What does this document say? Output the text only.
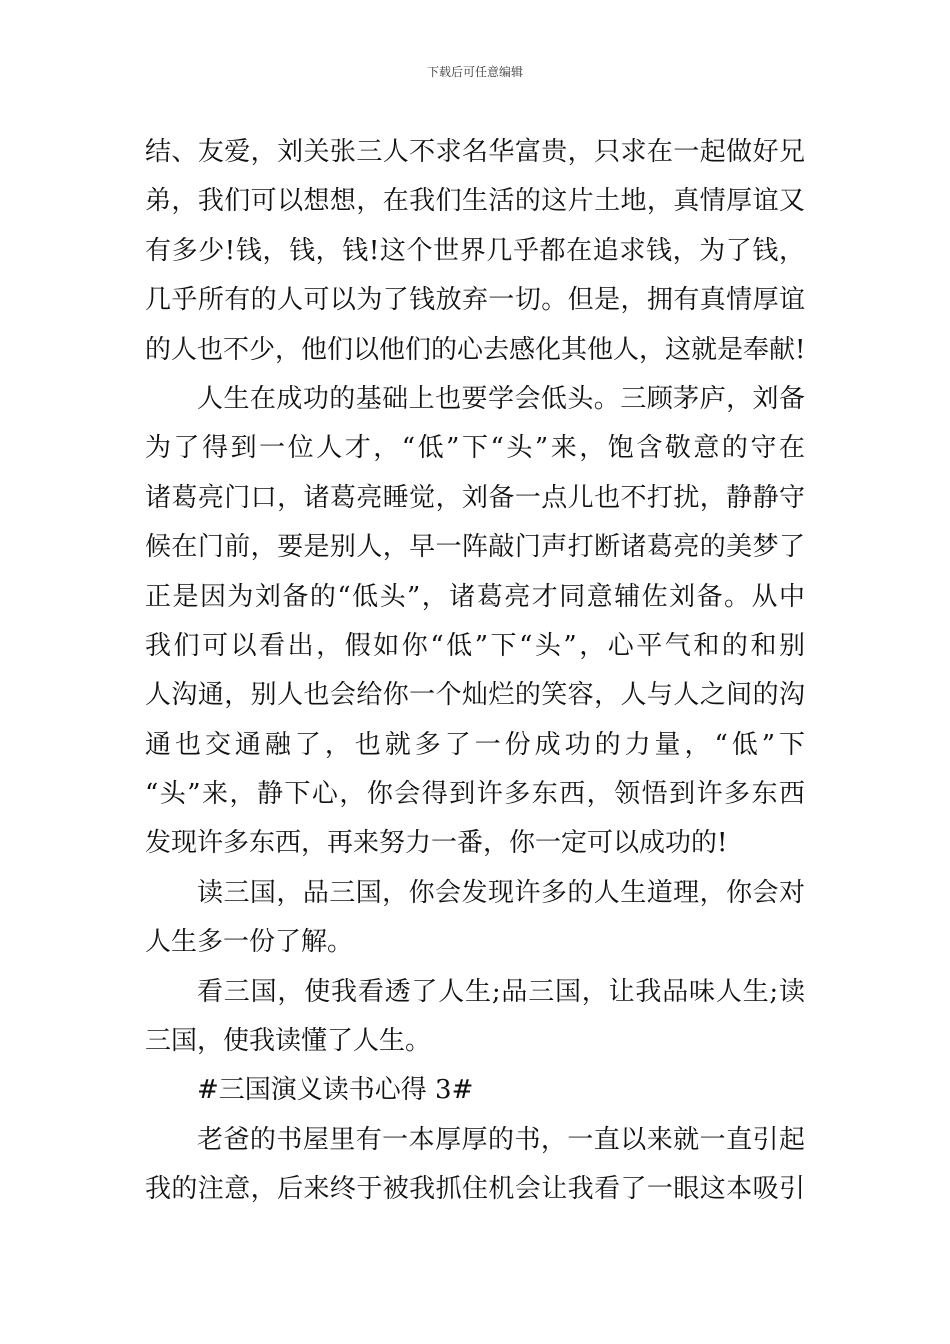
下载后可任意编辑
结、友爱，刘关张三人不求名华富贵，只求在一起做好兄
弟，我们可以想想，在我们生活的这片土地，真情厚谊又
有多少!钱，钱，钱!这个世界几乎都在追求钱，为了钱，
几乎所有的人可以为了钱放弃一切。但是，拥有真情厚谊
的人也不少，他们以他们的心去感化其他人，这就是奉献!
人生在成功的基础上也要学会低头。三顾茅庐，刘备
为了得到一位人才，“低”下“头”来，饱含敬意的守在
诸葛亮门口，诸葛亮睡觉，刘备一点儿也不打扰，静静守
候在门前，要是别人，早一阵敲门声打断诸葛亮的美梦了
正是因为刘备的“低头”，诸葛亮才同意辅佐刘备。从中
我们可以看出，假如你“低”下“头”，心平气和的和别
人沟通，别人也会给你一个灿烂的笑容，人与人之间的沟
通也交通融了，也就多了一份成功的力量，“低”下
“头”来，静下心，你会得到许多东西，领悟到许多东西
发现许多东西，再来努力一番，你一定可以成功的!
读三国，品三国，你会发现许多的人生道理，你会对
人生多一份了解。
看三国，使我看透了人生;品三国，让我品味人生;读
三国，使我读懂了人生。
#三国演义读书心得 3#
老爸的书屋里有一本厚厚的书，一直以来就一直引起
我的注意，后来终于被我抓住机会让我看了一眼这本吸引
